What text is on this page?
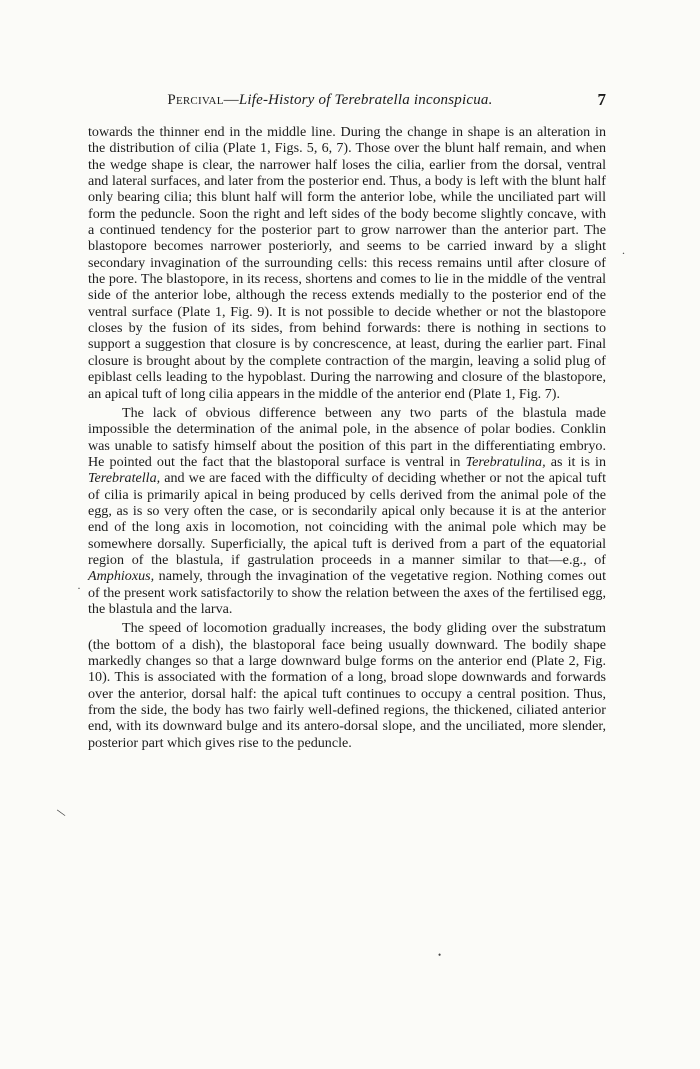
Percival—Life-History of Terebratella inconspicua.	7

towards the thinner end in the middle line. During the change in shape is an alteration in the distribution of cilia (Plate 1, Figs. 5, 6, 7). Those over the blunt half remain, and when the wedge shape is clear, the narrower half loses the cilia, earlier from the dorsal, ventral and lateral surfaces, and later from the posterior end. Thus, a body is left with the blunt half only bearing cilia; this blunt half will form the anterior lobe, while the unciliated part will form the peduncle. Soon the right and left sides of the body become slightly concave, with a continued tendency for the posterior part to grow narrower than the anterior part. The blastopore becomes narrower posteriorly, and seems to be carried inward by a slight secondary invagination of the surrounding cells: this recess remains until after closure of the pore. The blastopore, in its recess, shortens and comes to lie in the middle of the ventral side of the anterior lobe, although the recess extends medially to the posterior end of the ventral surface (Plate 1, Fig. 9). It is not possible to decide whether or not the blastopore closes by the fusion of its sides, from behind forwards: there is nothing in sections to support a suggestion that closure is by concrescence, at least, during the earlier part. Final closure is brought about by the complete contraction of the margin, leaving a solid plug of epiblast cells leading to the hypoblast. During the narrowing and closure of the blastopore, an apical tuft of long cilia appears in the middle of the anterior end (Plate 1, Fig. 7).

The lack of obvious difference between any two parts of the blastula made impossible the determination of the animal pole, in the absence of polar bodies. Conklin was unable to satisfy himself about the position of this part in the differentiating embryo. He pointed out the fact that the blastoporal surface is ventral in Terebratulina, as it is in Terebratella, and we are faced with the difficulty of deciding whether or not the apical tuft of cilia is primarily apical in being produced by cells derived from the animal pole of the egg, as is so very often the case, or is secondarily apical only because it is at the anterior end of the long axis in locomotion, not coinciding with the animal pole which may be somewhere dorsally. Superficially, the apical tuft is derived from a part of the equatorial region of the blastula, if gastrulation proceeds in a manner similar to that—e.g., of Amphioxus, namely, through the invagination of the vegetative region. Nothing comes out of the present work satisfactorily to show the relation between the axes of the fertilised egg, the blastula and the larva.

The speed of locomotion gradually increases, the body gliding over the substratum (the bottom of a dish), the blastoporal face being usually downward. The bodily shape markedly changes so that a large downward bulge forms on the anterior end (Plate 2, Fig. 10). This is associated with the formation of a long, broad slope downwards and forwards over the anterior, dorsal half: the apical tuft continues to occupy a central position. Thus, from the side, the body has two fairly well-defined regions, the thickened, ciliated anterior end, with its downward bulge and its antero-dorsal slope, and the unciliated, more slender, posterior part which gives rise to the peduncle.

.
·
\
•
